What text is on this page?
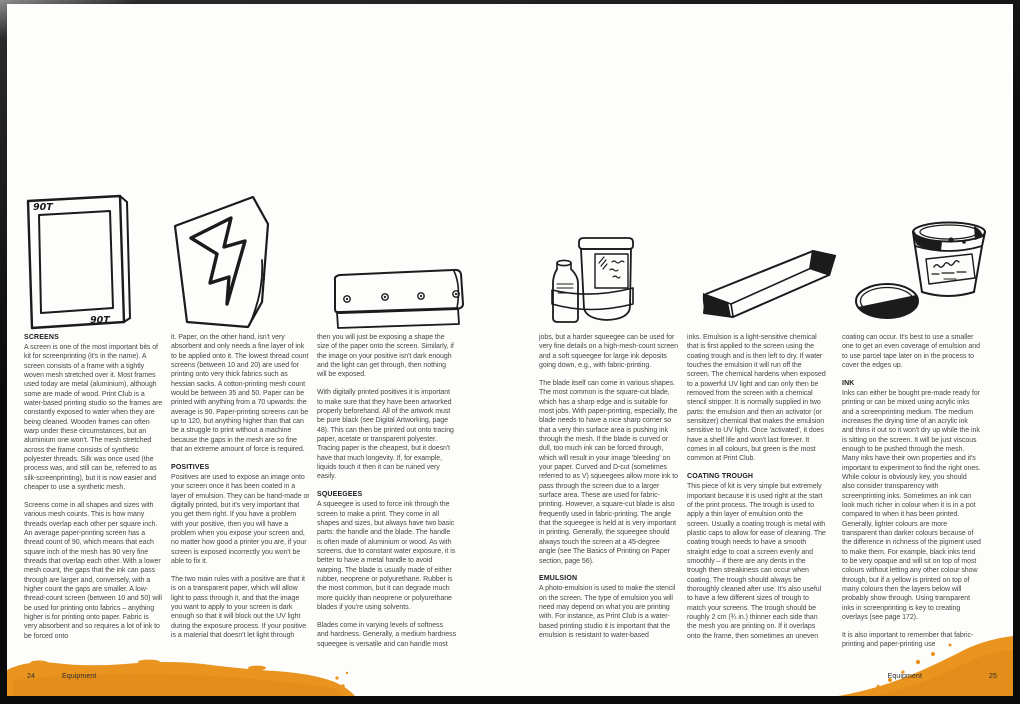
90T
90T
SCREENS

A screen is one of the most important bits of kit for screenprinting (it's in the name). A screen consists of a frame with a tightly woven mesh stretched over it. Most frames used today are metal (aluminium), although some are made of wood. Print Club is a water-based printing studio so the frames are constantly exposed to water when they are being cleaned. Wooden frames can often warp under these circumstances, but an aluminium one won't. The mesh stretched across the frame consists of synthetic polyester threads. Silk was once used (the process was, and still can be, referred to as silk-screenprinting), but it is now easier and cheaper to use a synthetic mesh.

Screens come in all shapes and sizes with various mesh counts. This is how many threads overlap each other per square inch. An average paper-printing screen has a thread count of 90, which means that each square inch of the mesh has 90 very fine threads that overlap each other. With a lower mesh count, the gaps that the ink can pass through are larger and, conversely, with a higher count the gaps are smaller. A low-thread-count screen (between 10 and 50) will be used for printing onto fabrics – anything higher is for printing onto paper. Fabric is very absorbent and so requires a lot of ink to be forced onto

it. Paper, on the other hand, isn't very absorbent and only needs a fine layer of ink to be applied onto it. The lowest thread count screens (between 10 and 20) are used for printing onto very thick fabrics such as hessian sacks. A cotton-printing mesh count would be between 35 and 50. Paper can be printed with anything from a 70 upwards: the average is 90. Paper-printing screens can be up to 120, but anything higher than that can be a struggle to print without a machine because the gaps in the mesh are so fine that an extreme amount of force is required.

POSITIVES

Positives are used to expose an image onto your screen once it has been coated in a layer of emulsion. They can be hand-made or digitally printed, but it's very important that you get them right. If you have a problem with your positive, then you will have a problem when you expose your screen and, no matter how good a printer you are, if your screen is exposed incorrectly you won't be able to fix it.

The two main rules with a positive are that it is on a transparent paper, which will allow light to pass through it, and that the image you want to apply to your screen is dark enough so that it will block out the UV light during the exposure process. If your positive is a material that doesn't let light through

then you will just be exposing a shape the size of the paper onto the screen. Similarly, if the image on your positive isn't dark enough and the light can get through, then nothing will be exposed.

With digitally printed positives it is important to make sure that they have been artworked properly beforehand. All of the artwork must be pure black (see Digital Artworking, page 48). This can then be printed out onto tracing paper, acetate or transparent polyester. Tracing paper is the cheapest, but it doesn't have that much longevity. If, for example, liquids touch it then it can be ruined very easily.

SQUEEGEES

A squeegee is used to force ink through the screen to make a print. They come in all shapes and sizes, but always have two basic parts: the handle and the blade. The handle is often made of aluminium or wood. As with screens, due to constant water exposure, it is better to have a metal handle to avoid warping. The blade is usually made of either rubber, neoprene or polyurethane. Rubber is the most common, but it can degrade much more quickly than neoprene or polyurethane blades if you're using solvents.

Blades come in varying levels of softness and hardness. Generally, a medium hardness squeegee is versatile and can handle most

jobs, but a harder squeegee can be used for very fine details on a high-mesh-count screen and a soft squeegee for large ink deposits going down, e.g., with fabric-printing.

The blade itself can come in various shapes. The most common is the square-cut blade, which has a sharp edge and is suitable for most jobs. With paper-printing, especially, the blade needs to have a nice sharp corner so that a very thin surface area is pushing ink through the mesh. If the blade is curved or dull, too much ink can be forced through, which will result in your image 'bleeding' on your paper. Curved and D-cut (sometimes referred to as V) squeegees allow more ink to pass through the screen due to a larger surface area. These are used for fabric-printing. However, a square-cut blade is also frequently used in fabric-printing. The angle that the squeegee is held at is very important in printing. Generally, the squeegee should always touch the screen at a 45-degree angle (see The Basics of Printing on Paper section, page 56).

EMULSION

A photo-emulsion is used to make the stencil on the screen. The type of emulsion you will need may depend on what you are printing with. For instance, as Print Club is a water-based printing studio it is important that the emulsion is resistant to water-based

inks. Emulsion is a light-sensitive chemical that is first applied to the screen using the coating trough and is then left to dry. If water touches the emulsion it will run off the screen. The chemical hardens when exposed to a powerful UV light and can only then be removed from the screen with a chemical stencil stripper. It is normally supplied in two parts: the emulsion and then an activator (or sensitizer) chemical that makes the emulsion sensitive to UV light. Once 'activated', it does have a shelf life and won't last forever. It comes in all colours, but green is the most common at Print Club.

COATING TROUGH

This piece of kit is very simple but extremely important because it is used right at the start of the print process. The trough is used to apply a thin layer of emulsion onto the screen. Usually a coating trough is metal with plastic caps to allow for ease of cleaning. The coating trough needs to have a smooth straight edge to coat a screen evenly and smoothly – if there are any dents in the trough then streakiness can occur when coating. The trough should always be thoroughly cleaned after use. It's also useful to have a few different sizes of trough to match your screens. The trough should be roughly 2 cm (¾ in.) thinner each side than the mesh you are printing on. If it overlaps onto the frame, then sometimes an uneven

coating can occur. It's best to use a smaller one to get an even coverage of emulsion and to use parcel tape later on in the process to cover the edges up.

INK

Inks can either be bought pre-made ready for printing or can be mixed using acrylic inks and a screenprinting medium. The medium increases the drying time of an acrylic ink and thins it out so it won't dry up while the ink is sitting on the screen. It will be just viscous enough to be pushed through the mesh. Many inks have their own properties and it's important to experiment to find the right ones. While colour is obviously key, you should also consider transparency with screenprinting inks. Sometimes an ink can look much richer in colour when it is in a pot compared to when it has been printed. Generally, lighter colours are more transparent than darker colours because of the difference in richness of the pigment used to make them. For example, black inks tend to be very opaque and will sit on top of most colours without letting any other colour show through, but if a yellow is printed on top of many colours then the layers below will probably show through. Using transparent inks in screenprinting is key to creating overlays (see page 172).

It is also important to remember that fabric-printing and paper-printing use

24	Equipment	Equipment	25
